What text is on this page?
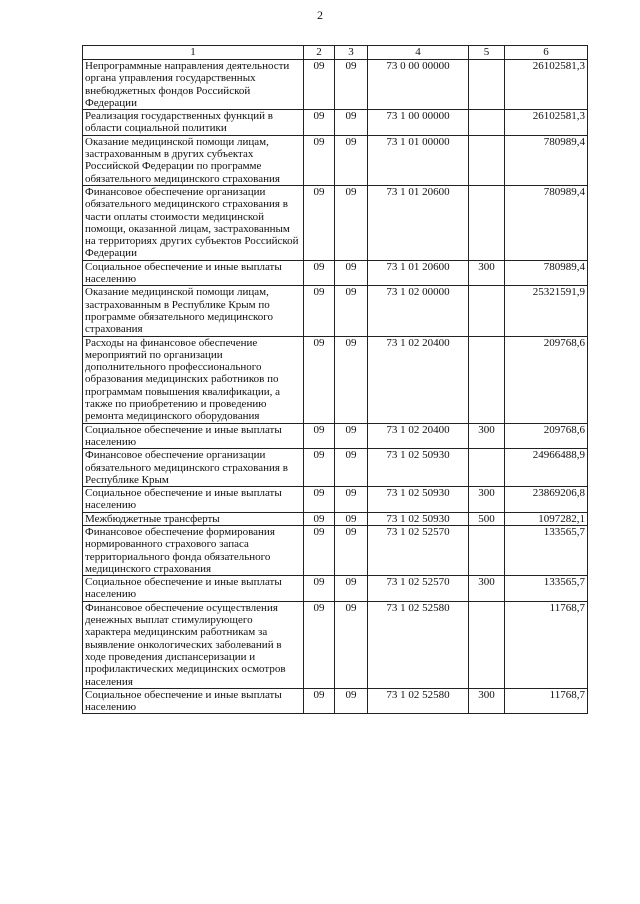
2
1	2	3	4	5	6
Непрограммные направления деятельности органа управления государственных внебюджетных фондов Российской Федерации	09	09	73 0 00 00000		26102581,3
Реализация государственных функций в области социальной политики	09	09	73 1 00 00000		26102581,3
Оказание медицинской помощи лицам, застрахованным в других субъектах Российской Федерации по программе обязательного медицинского страхования	09	09	73 1 01 00000		780989,4
Финансовое обеспечение организации обязательного медицинского страхования в части оплаты стоимости медицинской помощи, оказанной лицам, застрахованным на территориях других субъектов Российской Федерации	09	09	73 1 01 20600		780989,4
Социальное обеспечение и иные выплаты населению	09	09	73 1 01 20600	300	780989,4
Оказание медицинской помощи лицам, застрахованным в Республике Крым по программе обязательного медицинского страхования	09	09	73 1 02 00000		25321591,9
Расходы на финансовое обеспечение мероприятий по организации дополнительного профессионального образования медицинских работников по программам повышения квалификации, а также по приобретению и проведению ремонта медицинского оборудования	09	09	73 1 02 20400		209768,6
Социальное обеспечение и иные выплаты населению	09	09	73 1 02 20400	300	209768,6
Финансовое обеспечение организации обязательного медицинского страхования в Республике Крым	09	09	73 1 02 50930		24966488,9
Социальное обеспечение и иные выплаты населению	09	09	73 1 02 50930	300	23869206,8
Межбюджетные трансферты	09	09	73 1 02 50930	500	1097282,1
Финансовое обеспечение формирования нормированного страхового запаса территориального фонда обязательного медицинского страхования	09	09	73 1 02 52570		133565,7
Социальное обеспечение и иные выплаты населению	09	09	73 1 02 52570	300	133565,7
Финансовое обеспечение осуществления денежных выплат стимулирующего характера медицинским работникам за выявление онкологических заболеваний в ходе проведения диспансеризации и профилактических медицинских осмотров населения	09	09	73 1 02 52580		11768,7
Социальное обеспечение и иные выплаты населению	09	09	73 1 02 52580	300	11768,7
